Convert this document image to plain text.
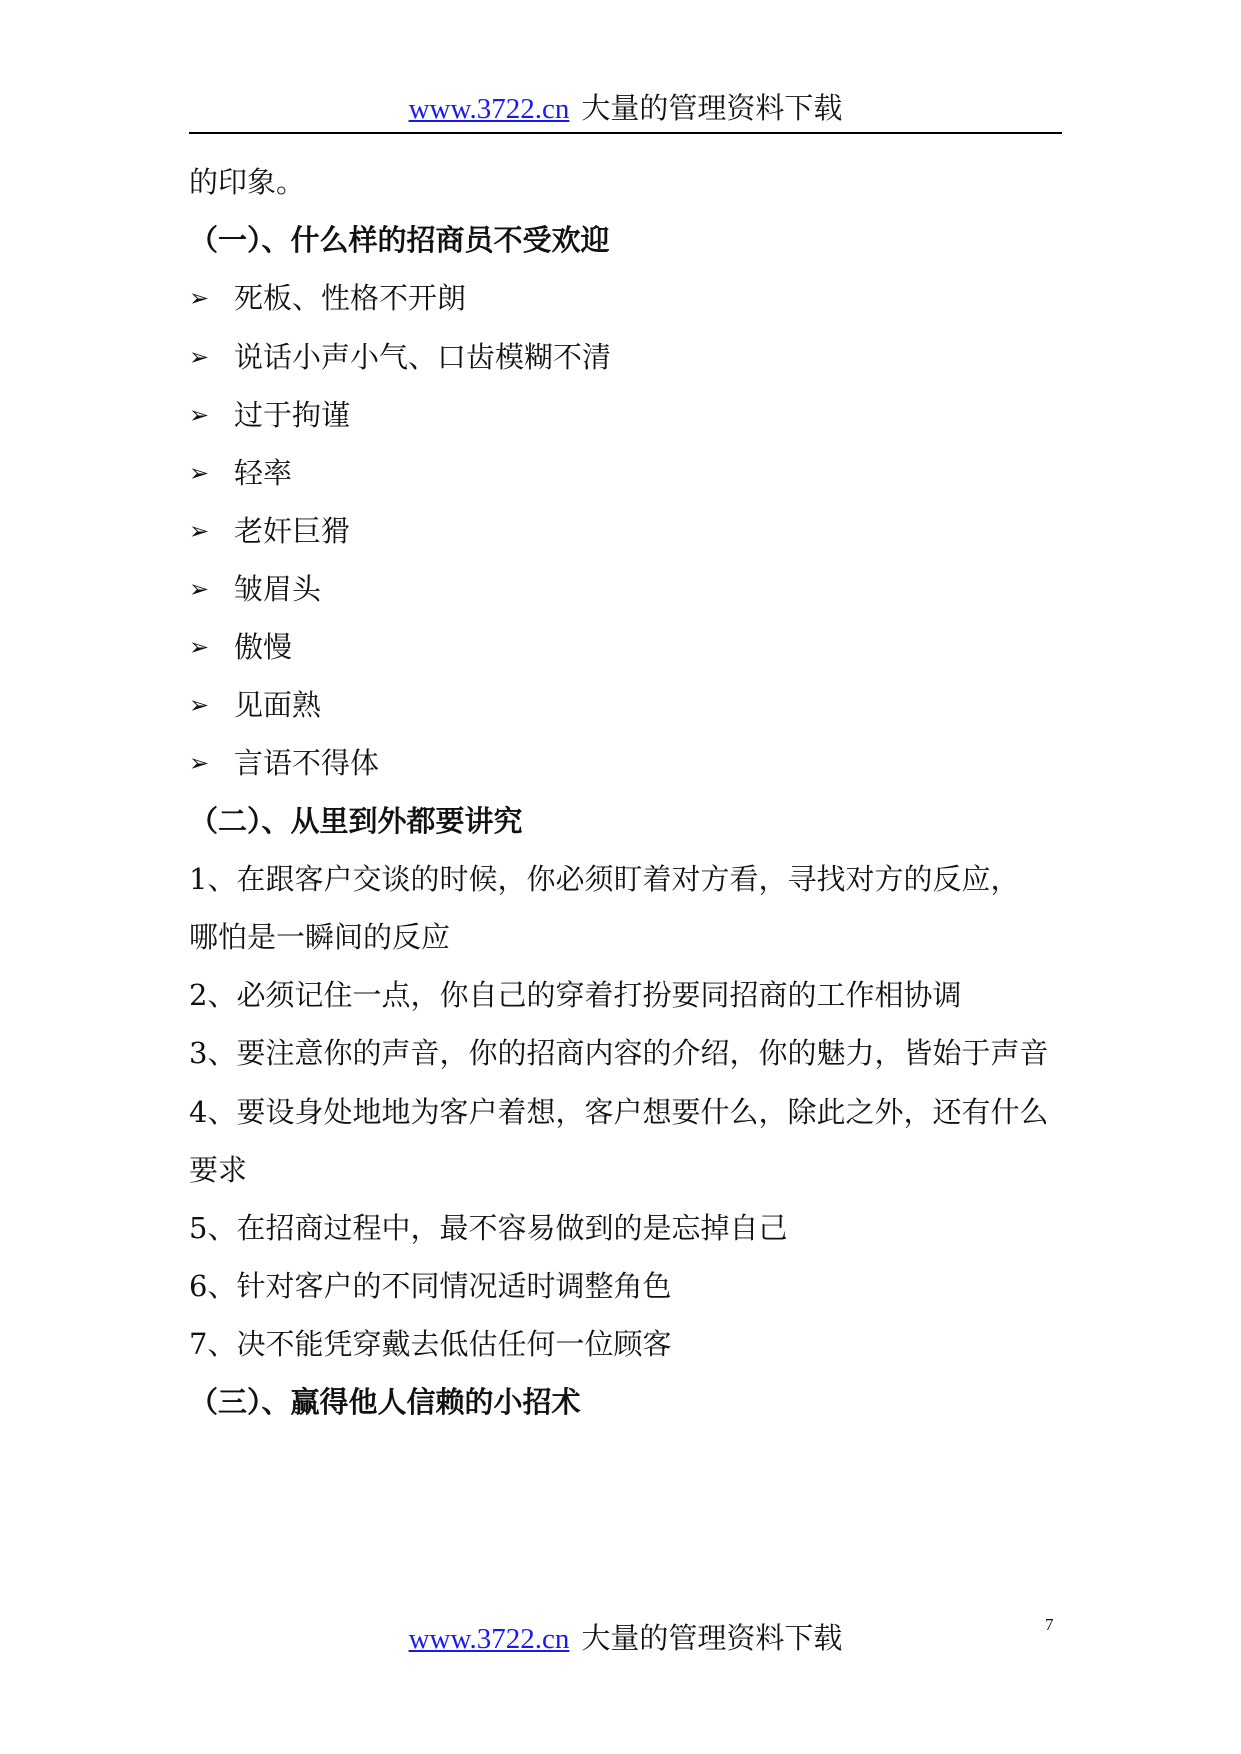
www.3722.cn 大量的管理资料下载
的印象。
（一）、什么样的招商员不受欢迎
➢ 死板、性格不开朗
➢ 说话小声小气、口齿模糊不清
➢ 过于拘谨
➢ 轻率
➢ 老奸巨猾
➢ 皱眉头
➢ 傲慢
➢ 见面熟
➢ 言语不得体
（二）、从里到外都要讲究
1、在跟客户交谈的时候，你必须盯着对方看，寻找对方的反应，
哪怕是一瞬间的反应
2、必须记住一点，你自己的穿着打扮要同招商的工作相协调
3、要注意你的声音，你的招商内容的介绍，你的魅力，皆始于声音
4、要设身处地地为客户着想，客户想要什么，除此之外，还有什么
要求
5、在招商过程中，最不容易做到的是忘掉自己
6、针对客户的不同情况适时调整角色
7、决不能凭穿戴去低估任何一位顾客
（三）、赢得他人信赖的小招术
www.3722.cn 大量的管理资料下载	7
